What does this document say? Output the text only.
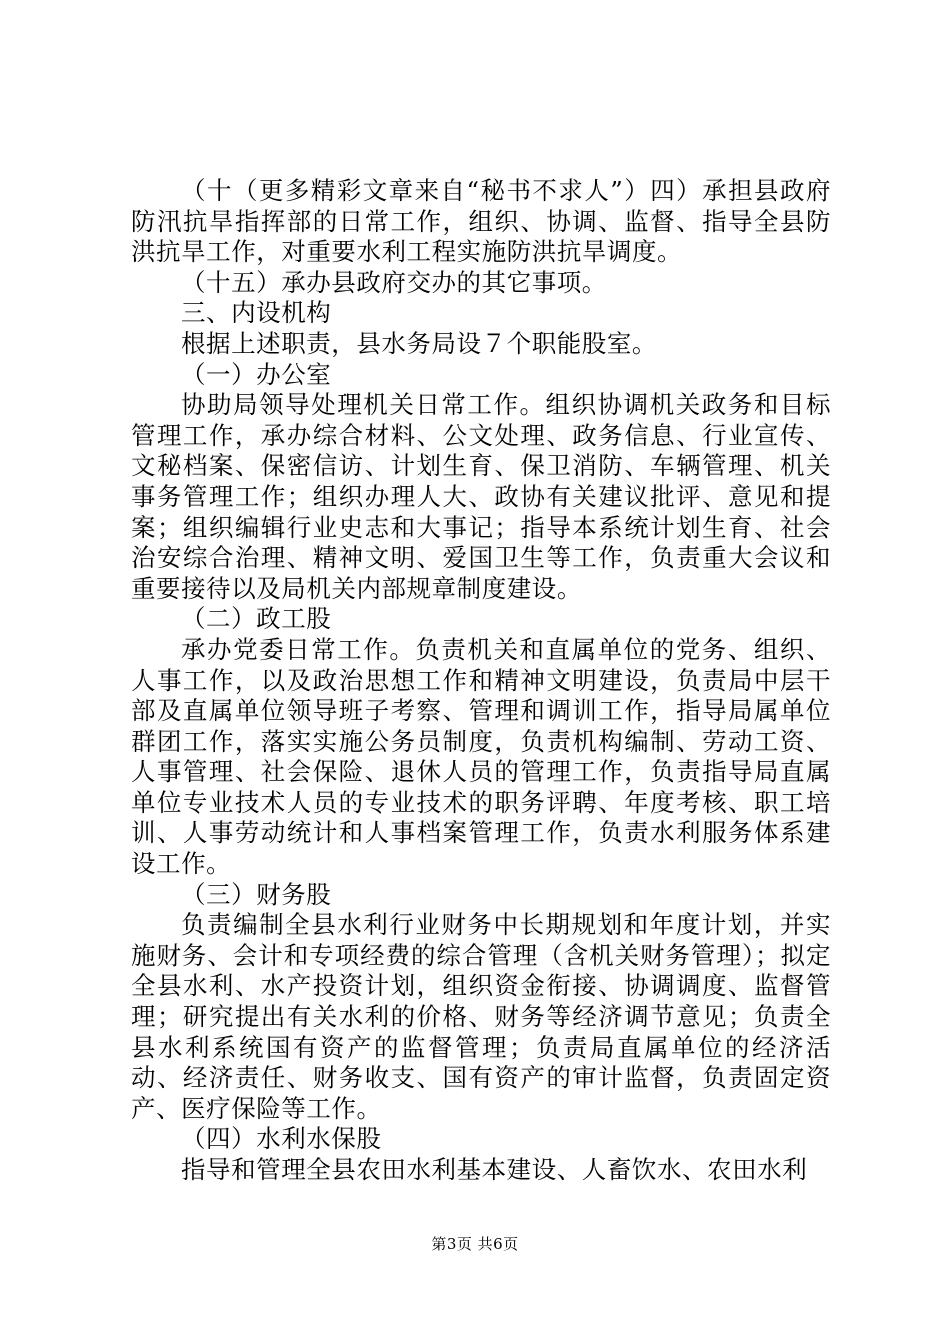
（十（更多精彩文章来自“秘书不求人”）四）承担县政府防汛抗旱指挥部的日常工作，组织、协调、监督、指导全县防洪抗旱工作，对重要水利工程实施防洪抗旱调度。

（十五）承办县政府交办的其它事项。

三、内设机构

根据上述职责，县水务局设７个职能股室。

（一）办公室

协助局领导处理机关日常工作。组织协调机关政务和目标管理工作，承办综合材料、公文处理、政务信息、行业宣传、文秘档案、保密信访、计划生育、保卫消防、车辆管理、机关事务管理工作；组织办理人大、政协有关建议批评、意见和提案；组织编辑行业史志和大事记；指导本系统计划生育、社会治安综合治理、精神文明、爱国卫生等工作，负责重大会议和重要接待以及局机关内部规章制度建设。

（二）政工股

承办党委日常工作。负责机关和直属单位的党务、组织、人事工作，以及政治思想工作和精神文明建设，负责局中层干部及直属单位领导班子考察、管理和调训工作，指导局属单位群团工作，落实实施公务员制度，负责机构编制、劳动工资、人事管理、社会保险、退休人员的管理工作，负责指导局直属单位专业技术人员的专业技术的职务评聘、年度考核、职工培训、人事劳动统计和人事档案管理工作，负责水利服务体系建设工作。

（三）财务股

负责编制全县水利行业财务中长期规划和年度计划，并实施财务、会计和专项经费的综合管理（含机关财务管理）；拟定全县水利、水产投资计划，组织资金衔接、协调调度、监督管理；研究提出有关水利的价格、财务等经济调节意见；负责全县水利系统国有资产的监督管理；负责局直属单位的经济活动、经济责任、财务收支、国有资产的审计监督，负责固定资产、医疗保险等工作。

（四）水利水保股

指导和管理全县农田水利基本建设、人畜饮水、农田水利

第3页 共6页
